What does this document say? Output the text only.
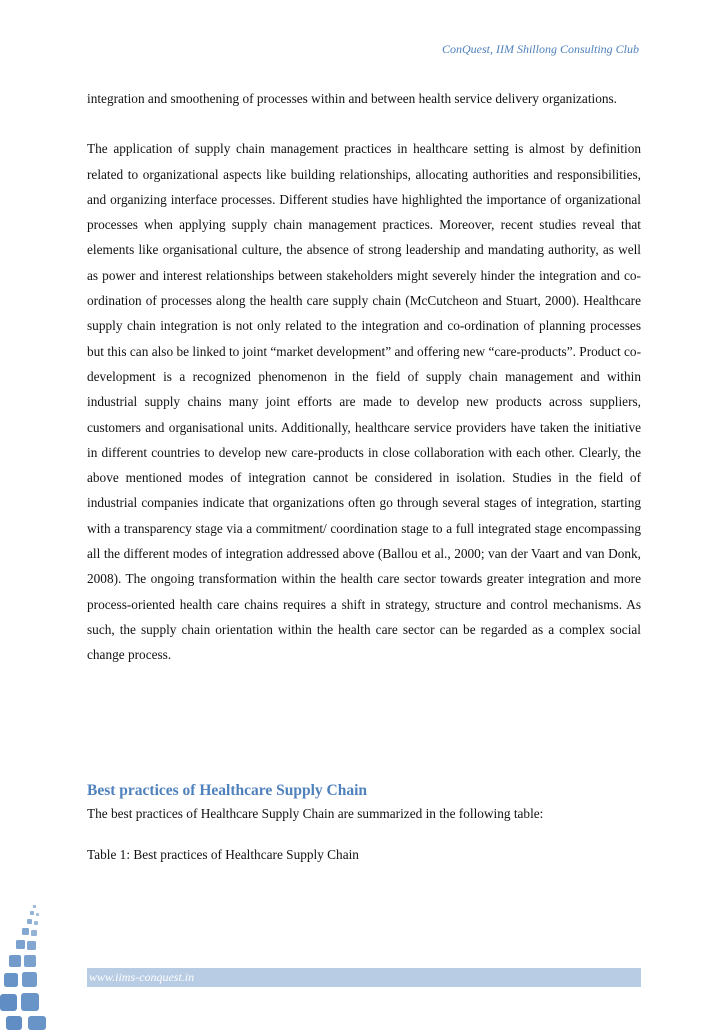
ConQuest, IIM Shillong Consulting Club

integration and smoothening of processes within and between health service delivery organizations.

The application of supply chain management practices in healthcare setting is almost by definition related to organizational aspects like building relationships, allocating authorities and responsibilities, and organizing interface processes. Different studies have highlighted the importance of organizational processes when applying supply chain management practices. Moreover, recent studies reveal that elements like organisational culture, the absence of strong leadership and mandating authority, as well as power and interest relationships between stakeholders might severely hinder the integration and co-ordination of processes along the health care supply chain (McCutcheon and Stuart, 2000). Healthcare supply chain integration is not only related to the integration and co-ordination of planning processes but this can also be linked to joint “market development” and offering new “care-products”. Product co-development is a recognized phenomenon in the field of supply chain management and within industrial supply chains many joint efforts are made to develop new products across suppliers, customers and organisational units. Additionally, healthcare service providers have taken the initiative in different countries to develop new care-products in close collaboration with each other. Clearly, the above mentioned modes of integration cannot be considered in isolation. Studies in the field of industrial companies indicate that organizations often go through several stages of integration, starting with a transparency stage via a commitment/ coordination stage to a full integrated stage encompassing all the different modes of integration addressed above (Ballou et al., 2000; van der Vaart and van Donk, 2008). The ongoing transformation within the health care sector towards greater integration and more process-oriented health care chains requires a shift in strategy, structure and control mechanisms. As such, the supply chain orientation within the health care sector can be regarded as a complex social change process.

Best practices of Healthcare Supply Chain

The best practices of Healthcare Supply Chain are summarized in the following table:

Table 1: Best practices of Healthcare Supply Chain

www.iims-conquest.in
